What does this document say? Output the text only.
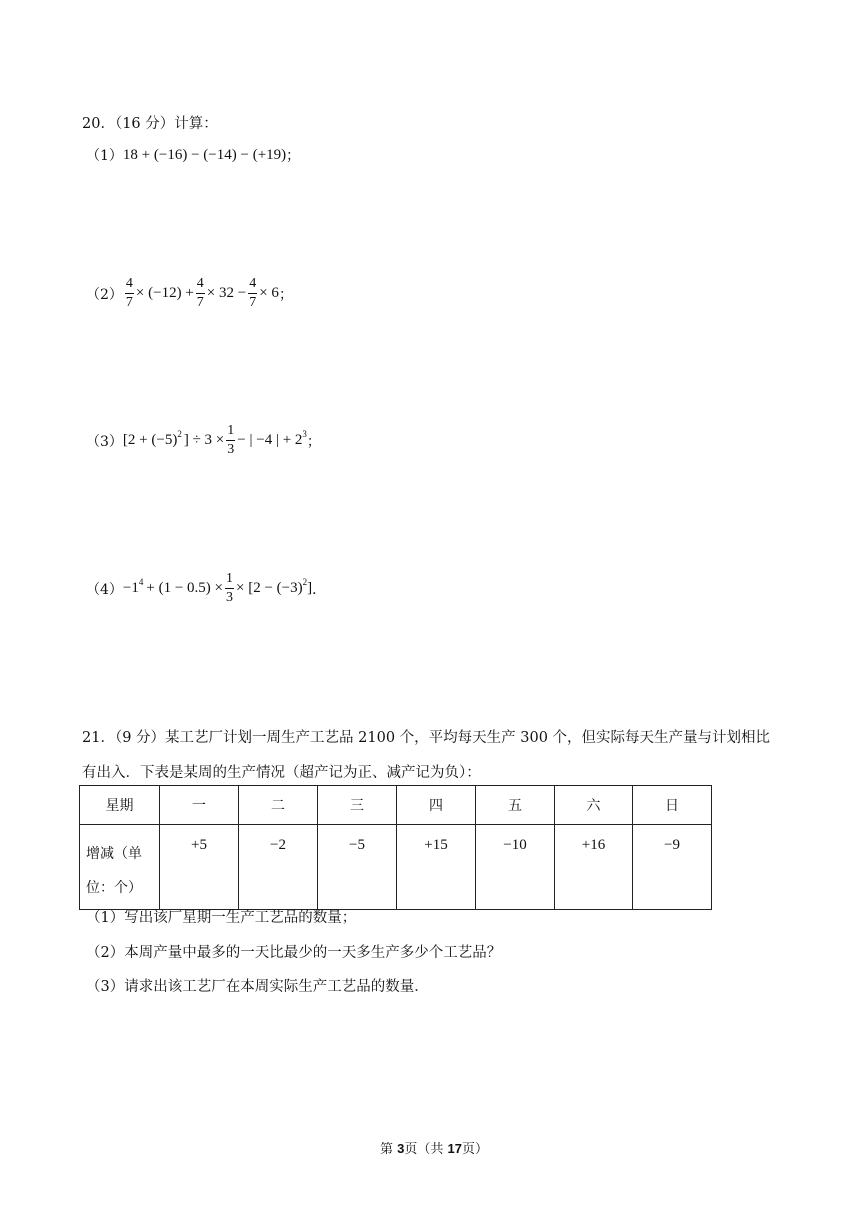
20．（16 分）计算：
（1） 18 + (−16) − (−14) − (+19) ；
$(2) \frac{4}{7} \times (-12) + \frac{4}{7} \times 32 - \frac{4}{7} \times 6$ ；
（3） [$2 + (-5)^2$ ] ÷ $3 \times \frac{1}{3}$ − | −4 | + $2^3$ ；
$(4) -1^4 + (1 - 0.5) \times \frac{1}{3} \times [2 - (-3)^2]$ ．
21．（9 分）某工艺厂计划一周生产工艺品 2100 个，平均每天生产 300 个，但实际每天生产量与计划相比
有出入．下表是某周的生产情况（超产记为正、减产记为负）：
星期	一	二	三	四	五	六	日

增减（单
位：个）	+5	−2	−5	+15	−10	+16	−9
（1）写出该厂星期一生产工艺品的数量；
（2）本周产量中最多的一天比最少的一天多生产多少个工艺品？
（3）请求出该工艺厂在本周实际生产工艺品的数量．
第 3页（共 17页）
